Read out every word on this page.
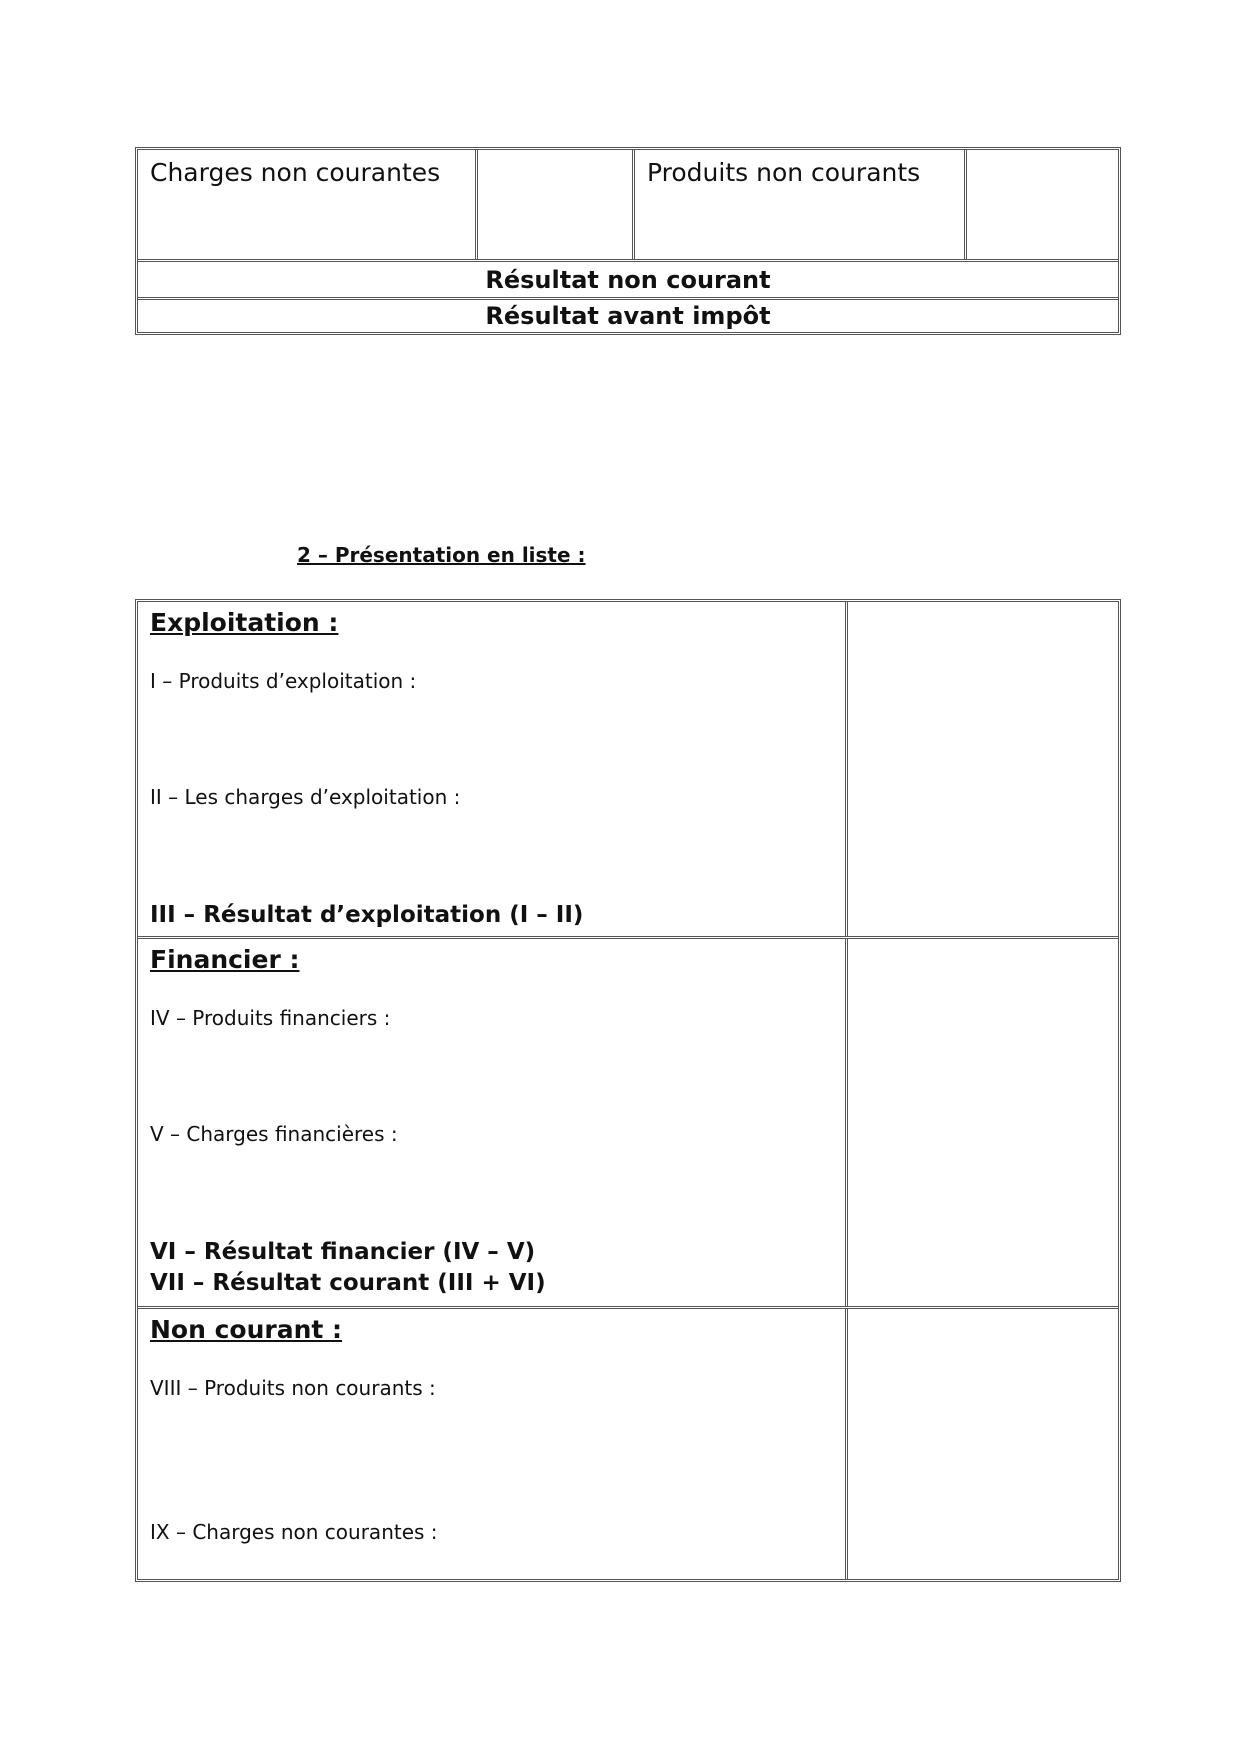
Charges non courantes	Produits non courants
Résultat non courant
Résultat avant impôt
2 – Présentation en liste :
Exploitation :
I – Produits d’exploitation :
II – Les charges d’exploitation :
III – Résultat d’exploitation (I – II)
Financier :
IV – Produits financiers :
V – Charges financières :
VI – Résultat financier (IV – V)
VII – Résultat courant (III + VI)
Non courant :
VIII – Produits non courants :
IX – Charges non courantes :
